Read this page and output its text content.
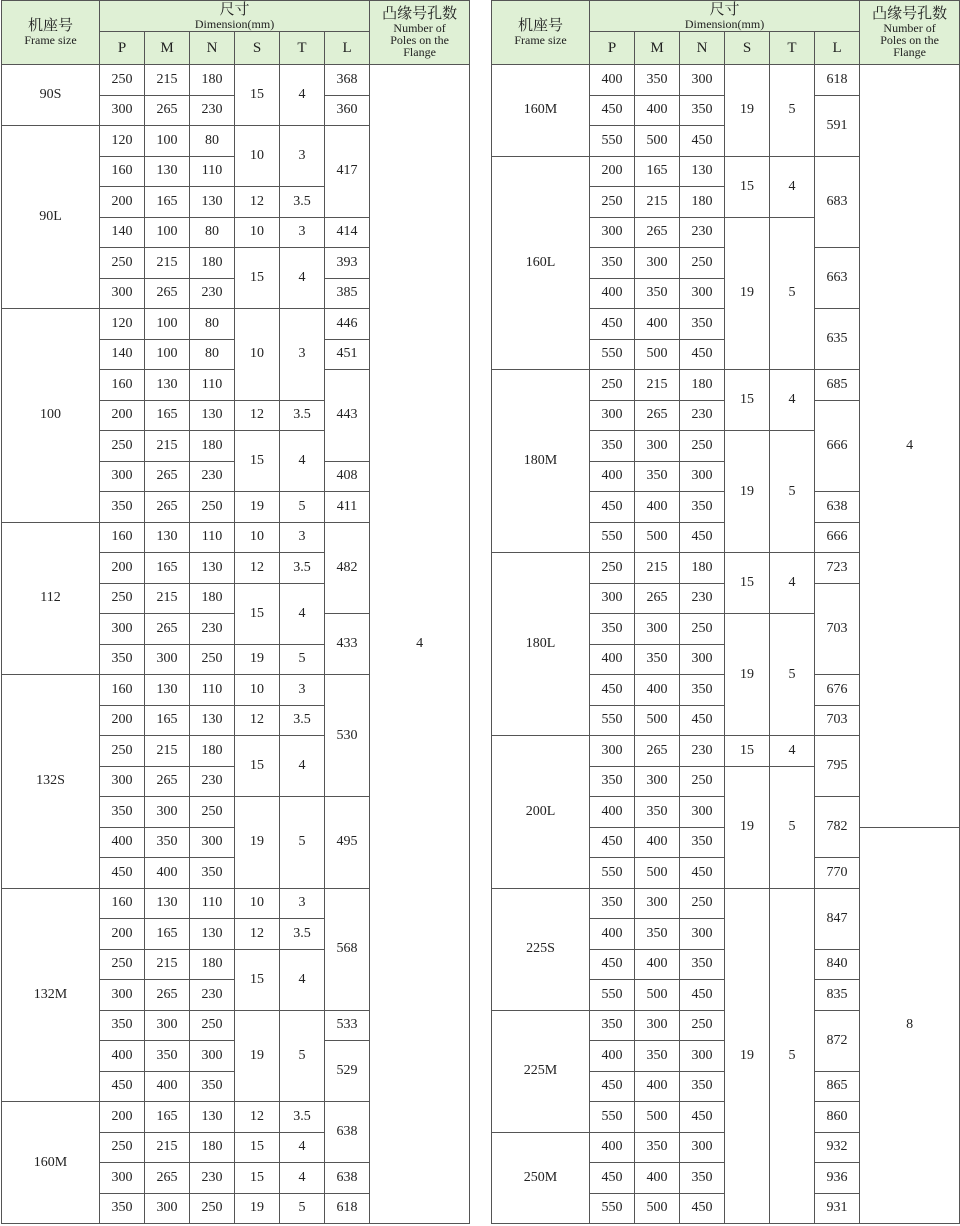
机座号
Frame size	尺寸
Dimension(mm)						凸缘号孔数
Number of
Poles on the
Flange

	P	M	N	S	T	L	
90S	250	215	180	15	4	368	4
	300	265	230			360	
90L	120	100	80	10	3	417	
	160	130	110				
	200	165	130	12	3.5		
	140	100	80	10	3	414	
	250	215	180	15	4	393	
	300	265	230			385	
100	120	100	80	10	3	446	
	140	100	80			451	
	160	130	110			443	
	200	165	130	12	3.5		
	250	215	180	15	4		
	300	265	230			408	
	350	265	250	19	5	411	
112	160	130	110	10	3	482	
	200	165	130	12	3.5		
	250	215	180	15	4		
	300	265	230			433	
	350	300	250	19	5		
132S	160	130	110	10	3	530	
	200	165	130	12	3.5		
	250	215	180	15	4		
	300	265	230				
	350	300	250	19	5	495	
	400	350	300				
	450	400	350				
132M	160	130	110	10	3	568	
	200	165	130	12	3.5		
	250	215	180	15	4		
	300	265	230				
	350	300	250	19	5	533	
	400	350	300			529	
	450	400	350				
160M	200	165	130	12	3.5	638	
	250	215	180	15	4		
	300	265	230	15	4	638	
	350	300	250	19	5	618	
机座号
Frame size	尺寸
Dimension(mm)						凸缘号孔数
Number of
Poles on the
Flange

	P	M	N	S	T	L	
160M	400	350	300	19	5	618	4
	450	400	350			591	
	550	500	450				
160L	200	165	130	15	4	683	
	250	215	180				
	300	265	230	19	5		
	350	300	250			663	
	400	350	300				
	450	400	350			635	
	550	500	450				
180M	250	215	180	15	4	685	
	300	265	230			666	
	350	300	250	19	5		
	400	350	300				
	450	400	350			638	
	550	500	450			666	
180L	250	215	180	15	4	723	
	300	265	230			703	
	350	300	250	19	5		
	400	350	300				
	450	400	350			676	
	550	500	450			703	
200L	300	265	230	15	4	795	
	350	300	250	19	5		
	400	350	300			782	
	450	400	350				8
	550	500	450			770	
225S	350	300	250	19	5	847	
	400	350	300				
	450	400	350			840	
	550	500	450			835	
225M	350	300	250			872	
	400	350	300				
	450	400	350			865	
	550	500	450			860	
250M	400	350	300			932	
	450	400	350			936	
	550	500	450			931	
